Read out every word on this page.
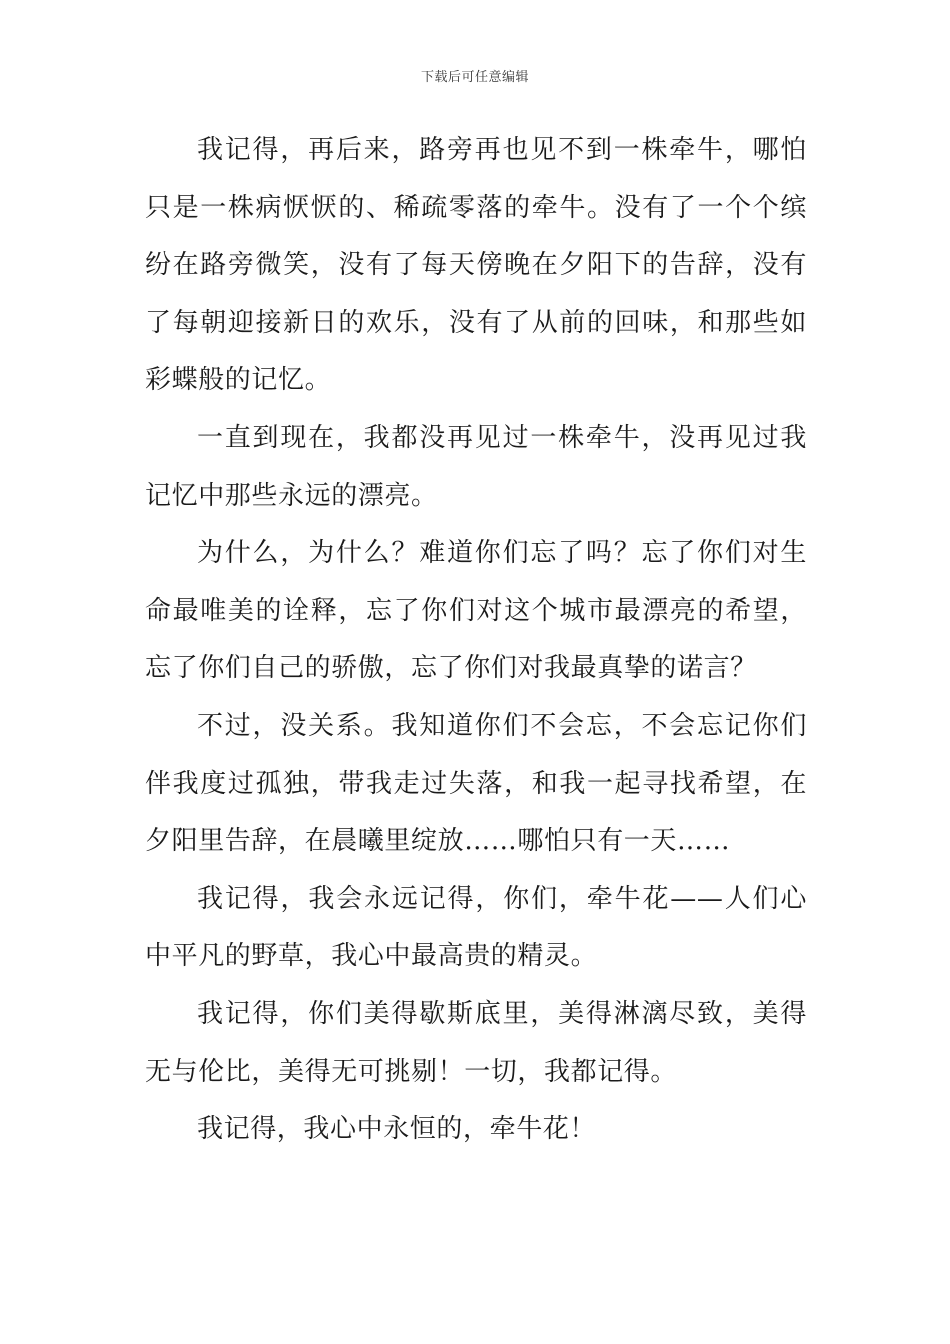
下载后可任意编辑

我记得，再后来，路旁再也见不到一株牵牛，哪怕只是一株病恹恹的、稀疏零落的牵牛。没有了一个个缤纷在路旁微笑，没有了每天傍晚在夕阳下的告辞，没有了每朝迎接新日的欢乐，没有了从前的回味，和那些如彩蝶般的记忆。

一直到现在，我都没再见过一株牵牛，没再见过我记忆中那些永远的漂亮。

为什么，为什么？难道你们忘了吗？忘了你们对生命最唯美的诠释，忘了你们对这个城市最漂亮的希望，忘了你们自己的骄傲，忘了你们对我最真挚的诺言？

不过，没关系。我知道你们不会忘，不会忘记你们伴我度过孤独，带我走过失落，和我一起寻找希望，在夕阳里告辞，在晨曦里绽放……哪怕只有一天……

我记得，我会永远记得，你们，牵牛花——人们心中平凡的野草，我心中最高贵的精灵。

我记得，你们美得歇斯底里，美得淋漓尽致，美得无与伦比，美得无可挑剔！一切，我都记得。

我记得，我心中永恒的，牵牛花！
